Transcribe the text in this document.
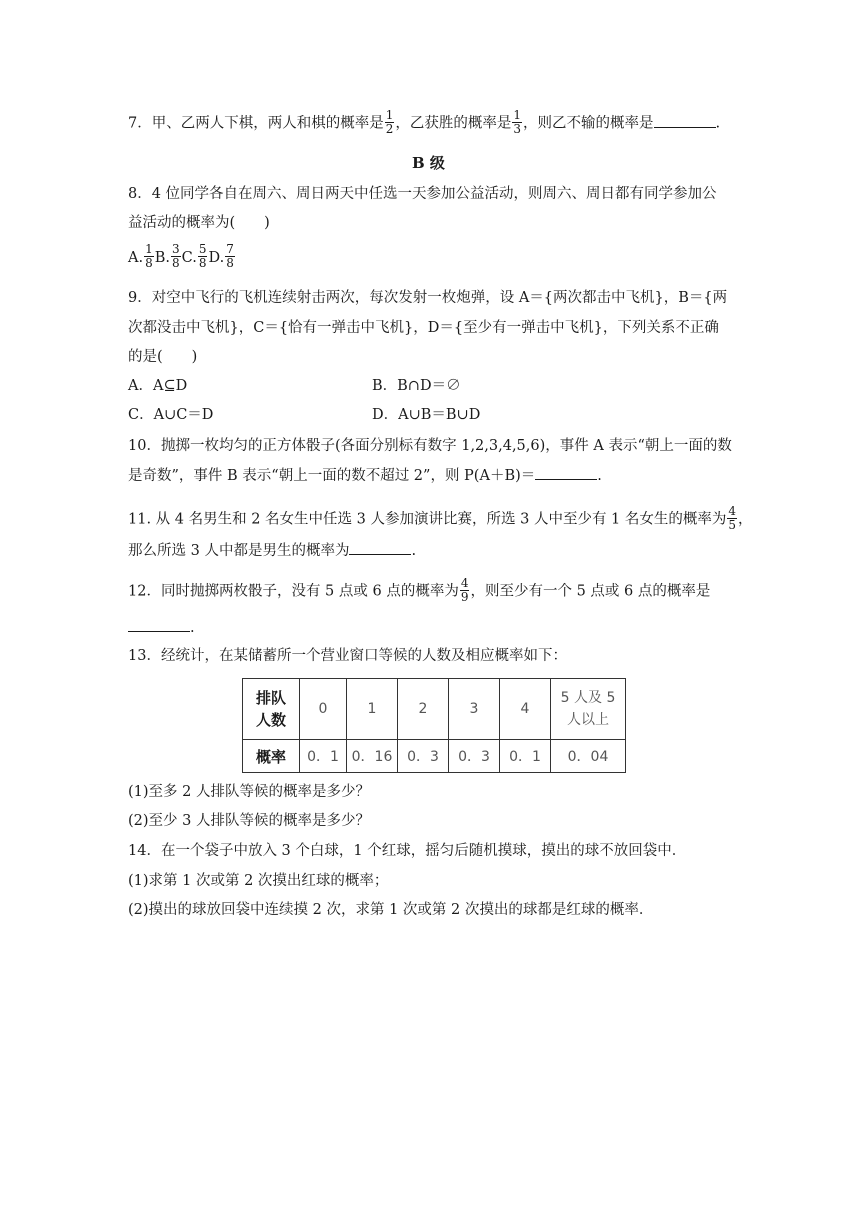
7．甲、乙两人下棋，两人和棋的概率是 $\frac{1}{2}$ ，乙获胜的概率是 $\frac{1}{3}$ ，则乙不输的概率是	.
B 级
8．4 位同学各自在周六、周日两天中任选一天参加公益活动，则周六、周日都有同学参加公
益活动的概率为(　　)
A. $\frac{1}{8} B$. $\frac{3}{8} C$. $\frac{5}{8} D$. $\frac{7}{8}$
9．对空中飞行的飞机连续射击两次，每次发射一枚炮弹，设 A＝{两次都击中飞机}，B＝{两
次都没击中飞机}，C＝{恰有一弹击中飞机}，D＝{至少有一弹击中飞机}，下列关系不正确
的是(　　)
A．A⊆D	B．B∩D＝∅
C．A∪C＝D	D．A∪B＝B∪D
10．抛掷一枚均匀的正方体骰子(各面分别标有数字 1,2,3,4,5,6)，事件 A 表示“朝上一面的数
是奇数”，事件 B 表示“朝上一面的数不超过 2”，则 P(A＋B)＝	.
11. 从 4 名男生和 2 名女生中任选 3 人参加演讲比赛，所选 3 人中至少有 1 名女生的概率为 $\frac{4}{5}$ ，
那么所选 3 人中都是男生的概率为	.
12．同时抛掷两枚骰子，没有 5 点或 6 点的概率为 $\frac{4}{9}$ ，则至少有一个 5 点或 6 点的概率是
.
13．经统计，在某储蓄所一个营业窗口等候的人数及相应概率如下：
排队
人数	0	1	2	3	4	5 人及 5
人以上
概率	0．1	0．16	0．3	0．3	0．1	0．04
(1)至多 2 人排队等候的概率是多少？
(2)至少 3 人排队等候的概率是多少？
14．在一个袋子中放入 3 个白球，1 个红球，摇匀后随机摸球，摸出的球不放回袋中．
(1)求第 1 次或第 2 次摸出红球的概率；
(2)摸出的球放回袋中连续摸 2 次，求第 1 次或第 2 次摸出的球都是红球的概率．
